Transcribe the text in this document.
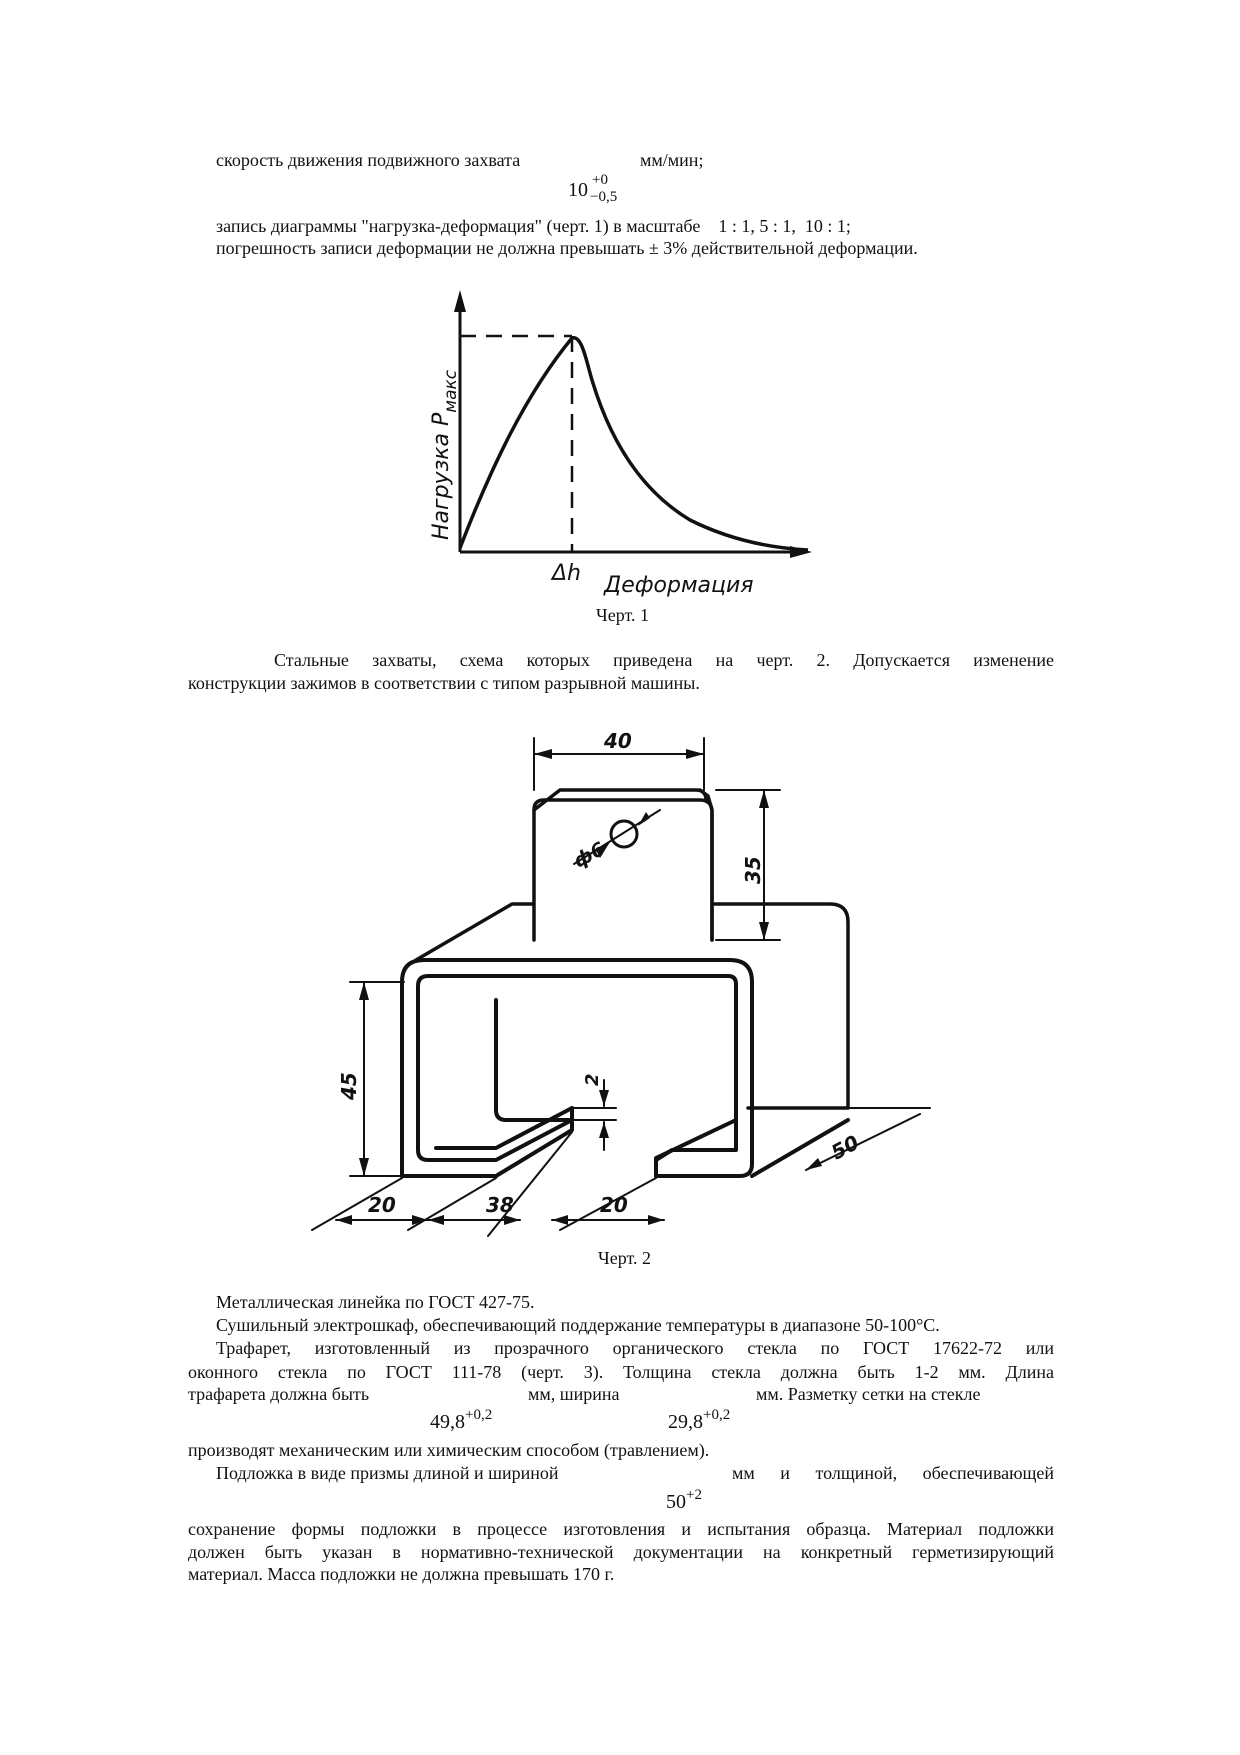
скорость движения подвижного захвата	мм/мин;
10 +0
−0,5
запись диаграммы "нагрузка-деформация" (черт. 1) в масштабе    1 : 1, 5 : 1,  10 : 1;
погрешность записи деформации не должна превышать ± 3% действительной деформации.
Нагрузка $Р_{макс}$
Δh Деформация
Черт. 1
Стальные захваты, схема которых приведена на черт. 2. Допускается изменение
конструкции зажимов в соответствии с типом разрывной машины.
40
ф6	35
45	2
50
20	38	20
Черт. 2
Металлическая линейка по ГОСТ 427-75.
Сушильный электрошкаф, обеспечивающий поддержание температуры в диапазоне 50-100°С.
Трафарет, изготовленный из прозрачного органического стекла по ГОСТ 17622-72 или
оконного стекла по ГОСТ 111-78 (черт. 3). Толщина стекла должна быть 1-2 мм. Длина
трафарета должна быть	мм, ширина	мм. Разметку сетки на стекле
$49,8^{+0,2}$	$29,8^{+0,2}$
производят механическим или химическим способом (травлением).
Подложка в виде призмы длиной и шириной	мм и толщиной, обеспечивающей
$50^{+2}$
сохранение формы подложки в процессе изготовления и испытания образца. Материал подложки
должен быть указан в нормативно-технической документации на конкретный герметизирующий
материал. Масса подложки не должна превышать 170 г.
